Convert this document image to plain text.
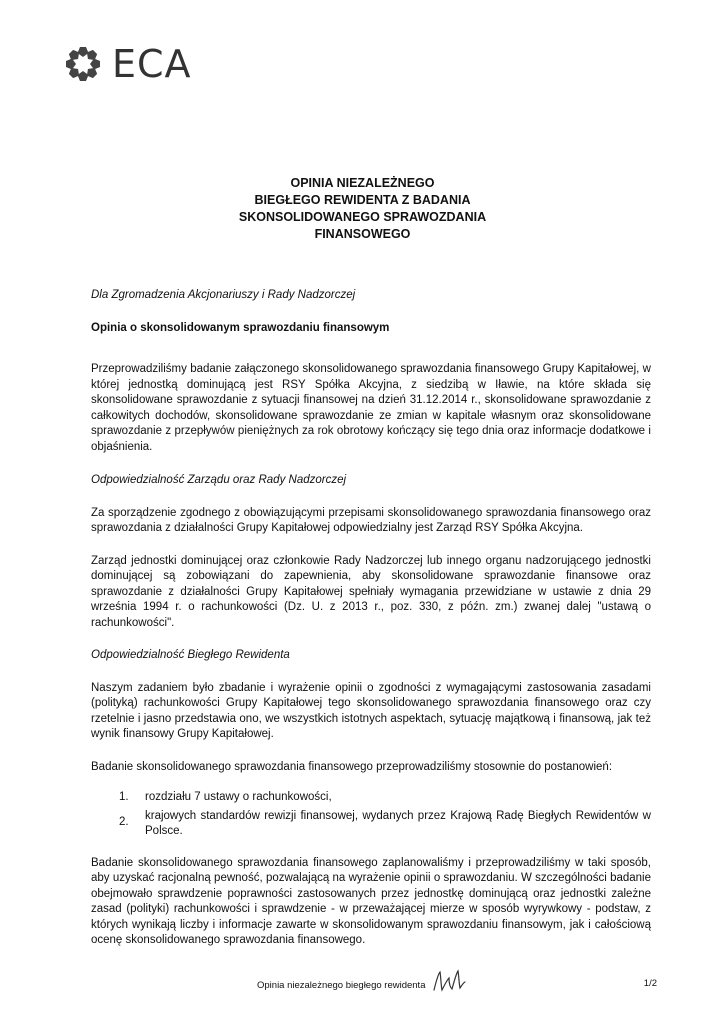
ECA
OPINIA NIEZALEŻNEGO
BIEGŁEGO REWIDENTA Z BADANIA
SKONSOLIDOWANEGO SPRAWOZDANIA
FINANSOWEGO

Dla Zgromadzenia Akcjonariuszy i Rady Nadzorczej

Opinia o skonsolidowanym sprawozdaniu finansowym

Przeprowadziliśmy badanie załączonego skonsolidowanego sprawozdania finansowego Grupy Kapitałowej, w której jednostką dominującą jest RSY Spółka Akcyjna, z siedzibą w Iławie, na które składa się skonsolidowane sprawozdanie z sytuacji finansowej na dzień 31.12.2014 r., skonsolidowane sprawozdanie z całkowitych dochodów, skonsolidowane sprawozdanie ze zmian w kapitale własnym oraz skonsolidowane sprawozdanie z przepływów pieniężnych za rok obrotowy kończący się tego dnia oraz informacje dodatkowe i objaśnienia.

Odpowiedzialność Zarządu oraz Rady Nadzorczej

Za sporządzenie zgodnego z obowiązującymi przepisami skonsolidowanego sprawozdania finansowego oraz sprawozdania z działalności Grupy Kapitałowej odpowiedzialny jest Zarząd RSY Spółka Akcyjna.

Zarząd jednostki dominującej oraz członkowie Rady Nadzorczej lub innego organu nadzorującego jednostki dominującej są zobowiązani do zapewnienia, aby skonsolidowane sprawozdanie finansowe oraz sprawozdanie z działalności Grupy Kapitałowej spełniały wymagania przewidziane w ustawie z dnia 29 września 1994 r. o rachunkowości (Dz. U. z 2013 r., poz. 330, z późn. zm.) zwanej dalej "ustawą o rachunkowości".

Odpowiedzialność Biegłego Rewidenta

Naszym zadaniem było zbadanie i wyrażenie opinii o zgodności z wymagającymi zastosowania zasadami (polityką) rachunkowości Grupy Kapitałowej tego skonsolidowanego sprawozdania finansowego oraz czy rzetelnie i jasno przedstawia ono, we wszystkich istotnych aspektach, sytuację majątkową i finansową, jak też wynik finansowy Grupy Kapitałowej.

Badanie skonsolidowanego sprawozdania finansowego przeprowadziliśmy stosownie do postanowień:

1.	rozdziału 7 ustawy o rachunkowości,
2.	krajowych standardów rewizji finansowej, wydanych przez Krajową Radę Biegłych Rewidentów w Polsce.

Badanie skonsolidowanego sprawozdania finansowego zaplanowaliśmy i przeprowadziliśmy w taki sposób, aby uzyskać racjonalną pewność, pozwalającą na wyrażenie opinii o sprawozdaniu. W szczególności badanie obejmowało sprawdzenie poprawności zastosowanych przez jednostkę dominującą oraz jednostki zależne zasad (polityki) rachunkowości i sprawdzenie - w przeważającej mierze w sposób wyrywkowy - podstaw, z których wynikają liczby i informacje zawarte w skonsolidowanym sprawozdaniu finansowym, jak i całościową ocenę skonsolidowanego sprawozdania finansowego.

Opinia niezależnego biegłego rewidenta	1/2
